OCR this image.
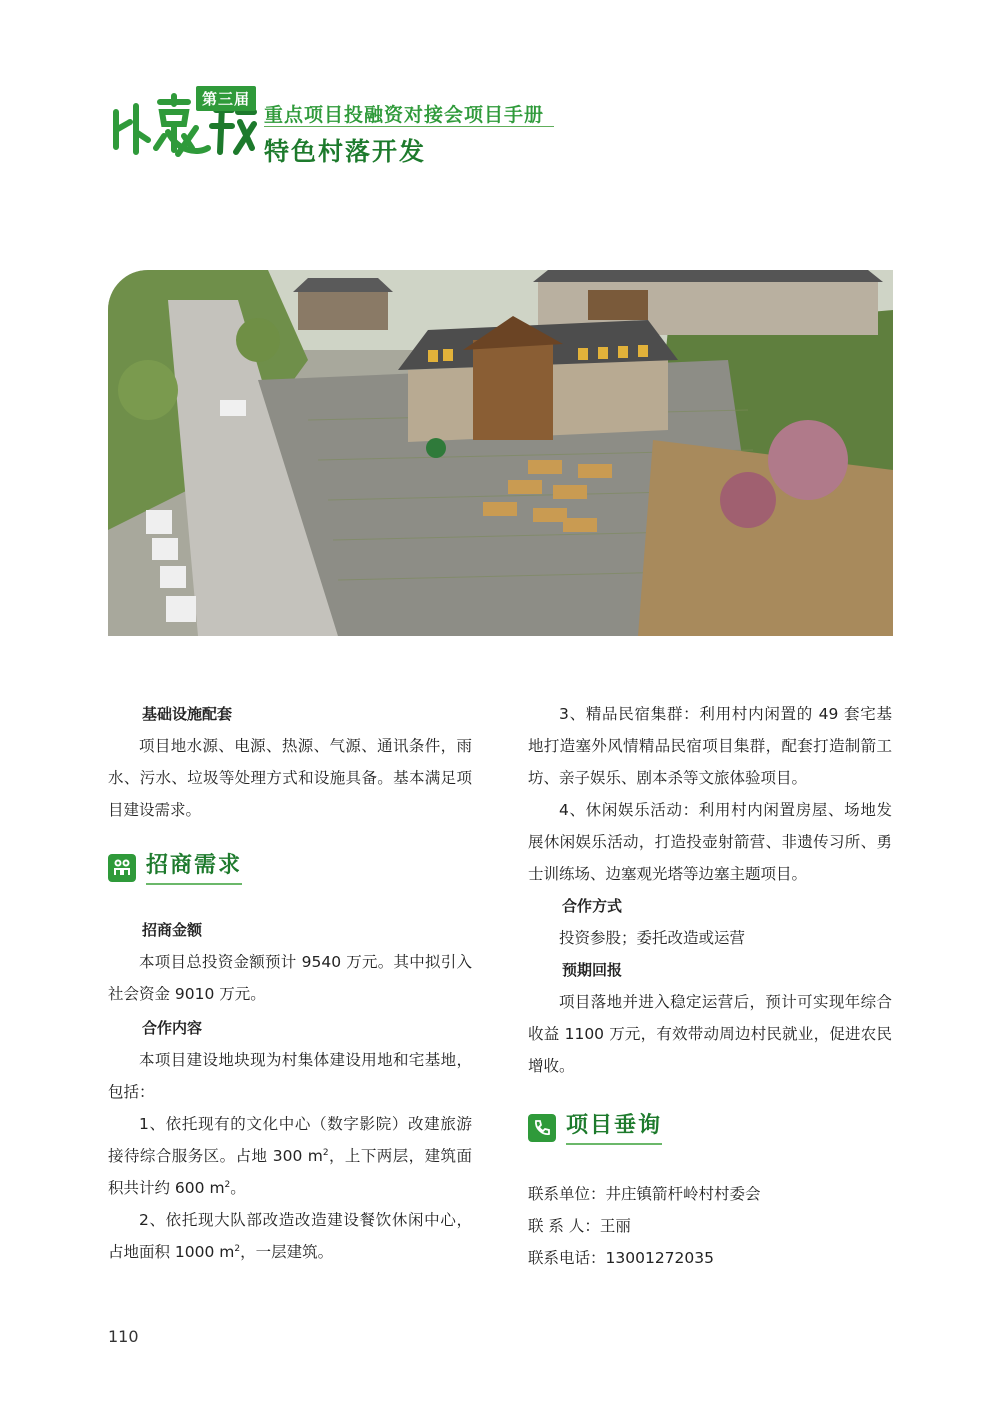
第三届
重点项目投融资对接会项目手册
特色村落开发
基础设施配套

项目地水源、电源、热源、气源、通讯条件，雨水、污水、垃圾等处理方式和设施具备。基本满足项目建设需求。

招商需求
招商金额

本项目总投资金额预计 9540 万元。其中拟引入社会资金 9010 万元。

合作内容

本项目建设地块现为村集体建设用地和宅基地，包括：

1、依托现有的文化中心（数字影院）改建旅游接待综合服务区。占地 300 $m^2$，上下两层，建筑面积共计约 600 $m^2$。

2、依托现大队部改造改造建设餐饮休闲中心，占地面积 1000 $m^2$，一层建筑。

3、精品民宿集群：利用村内闲置的 49 套宅基地打造塞外风情精品民宿项目集群，配套打造制箭工坊、亲子娱乐、剧本杀等文旅体验项目。

4、休闲娱乐活动：利用村内闲置房屋、场地发展休闲娱乐活动，打造投壶射箭营、非遗传习所、勇士训练场、边塞观光塔等边塞主题项目。

合作方式

投资参股；委托改造或运营

预期回报

项目落地并进入稳定运营后，预计可实现年综合收益 1100 万元，有效带动周边村民就业，促进农民增收。

项目垂询
联系单位：井庄镇箭杆岭村村委会
联 系 人：王丽
联系电话：13001272035
110
